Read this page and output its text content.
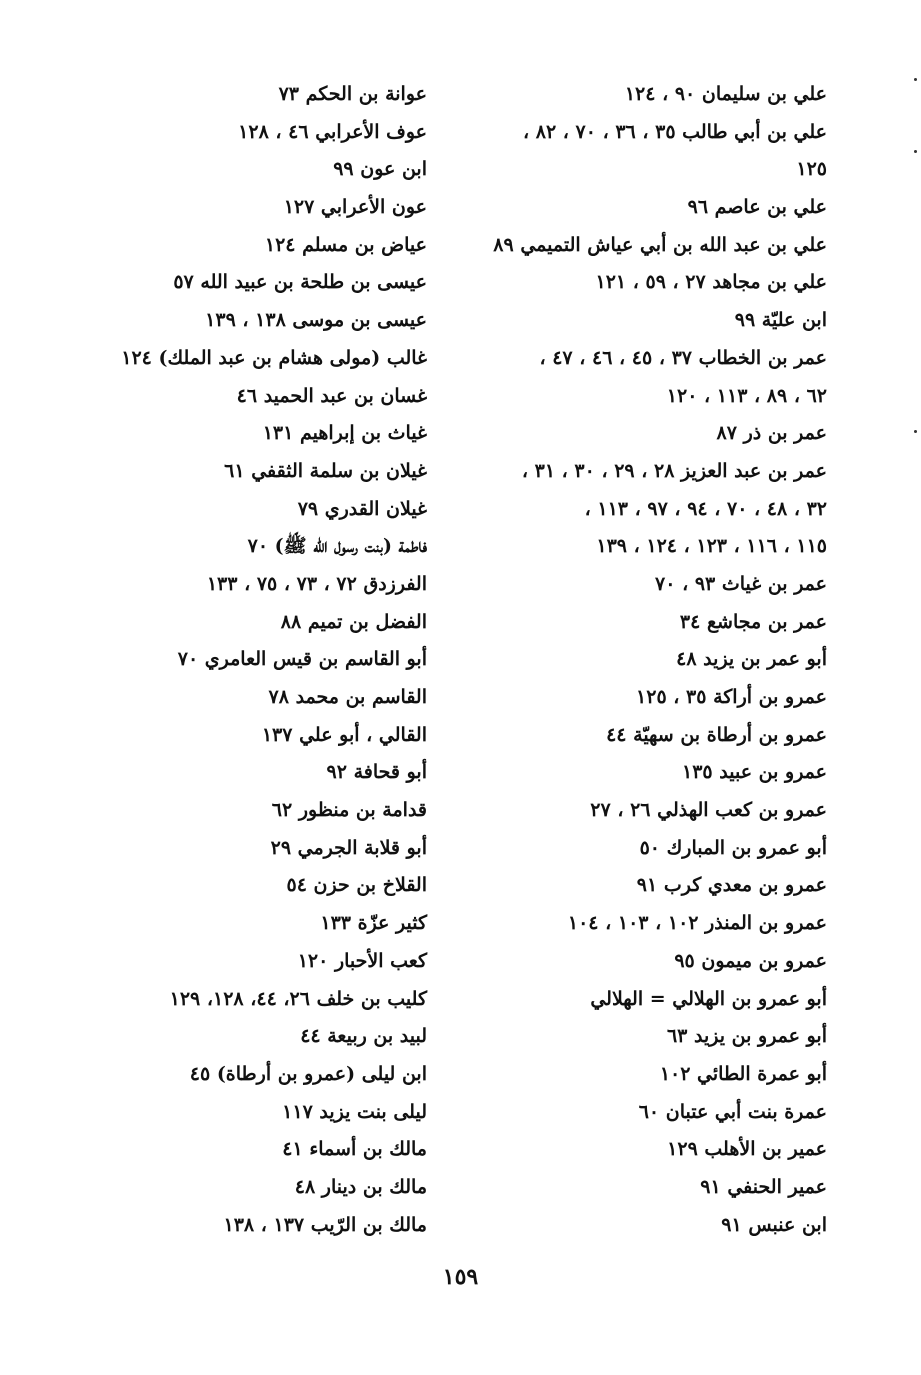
علي بن سليمان ٩٠ ، ١٢٤
علي بن أبي طالب ٣٥ ، ٣٦ ، ٧٠ ، ٨٢ ،
١٢٥
علي بن عاصم ٩٦
علي بن عبد الله بن أبي عياش التميمي ٨٩
علي بن مجاهد ٢٧ ، ٥٩ ، ١٢١
ابن عليّة ٩٩
عمر بن الخطاب ٣٧ ، ٤٥ ، ٤٦ ، ٤٧ ،
٦٢ ، ٨٩ ، ١١٣ ، ١٢٠
عمر بن ذر ٨٧
عمر بن عبد العزيز ٢٨ ، ٢٩ ، ٣٠ ، ٣١ ،
٣٢ ، ٤٨ ، ٧٠ ، ٩٤ ، ٩٧ ، ١١٣ ،
١١٥ ، ١١٦ ، ١٢٣ ، ١٢٤ ، ١٣٩
عمر بن غياث ٩٣ ، ٧٠
عمر بن مجاشع ٣٤
أبو عمر بن يزيد ٤٨
عمرو بن أراكة ٣٥ ، ١٢٥
عمرو بن أرطاة بن سهيّة ٤٤
عمرو بن عبيد ١٣٥
عمرو بن كعب الهذلي ٢٦ ، ٢٧
أبو عمرو بن المبارك ٥٠
عمرو بن معدي كرب ٩١
عمرو بن المنذر ١٠٢ ، ١٠٣ ، ١٠٤
عمرو بن ميمون ٩٥
أبو عمرو بن الهلالي = الهلالي
أبو عمرو بن يزيد ٦٣
أبو عمرة الطائي ١٠٢
عمرة بنت أبي عتبان ٦٠
عمير بن الأهلب ١٢٩
عمير الحنفي ٩١
ابن عنبس ٩١
عوانة بن الحكم ٧٣
عوف الأعرابي ٤٦ ، ١٢٨
ابن عون ٩٩
عون الأعرابي ١٢٧
عياض بن مسلم ١٢٤
عيسى بن طلحة بن عبيد الله ٥٧
عيسى بن موسى ١٣٨ ، ١٣٩
غالب (مولى هشام بن عبد الملك) ١٢٤
غسان بن عبد الحميد ٤٦
غياث بن إبراهيم ١٣١
غيلان بن سلمة الثقفي ٦١
غيلان القدري ٧٩
فاطمة (بنت رسول الله ﷺ) ٧٠
الفرزدق ٧٢ ، ٧٣ ، ٧٥ ، ١٣٣
الفضل بن تميم ٨٨
أبو القاسم بن قيس العامري ٧٠
القاسم بن محمد ٧٨
القالي ، أبو علي ١٣٧
أبو قحافة ٩٢
قدامة بن منظور ٦٢
أبو قلابة الجرمي ٢٩
القلاخ بن حزن ٥٤
كثير عزّة ١٣٣
كعب الأحبار ١٢٠
كليب بن خلف ٢٦، ٤٤، ١٢٨، ١٢٩
لبيد بن ربيعة ٤٤
ابن ليلى (عمرو بن أرطاة) ٤٥
ليلى بنت يزيد ١١٧
مالك بن أسماء ٤١
مالك بن دينار ٤٨
مالك بن الرّيب ١٣٧ ، ١٣٨
١٥٩
